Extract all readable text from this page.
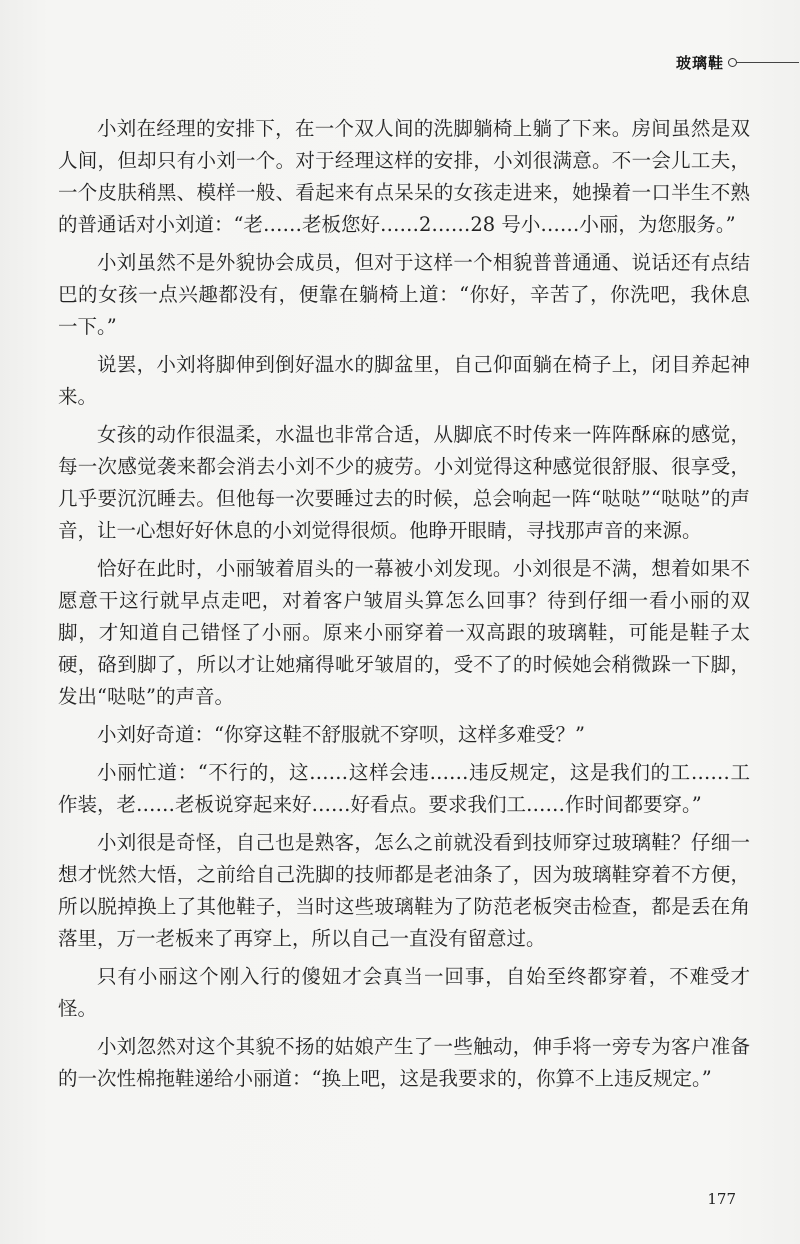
玻璃鞋

小刘在经理的安排下，在一个双人间的洗脚躺椅上躺了下来。房间虽然是双人间，但却只有小刘一个。对于经理这样的安排，小刘很满意。不一会儿工夫，一个皮肤稍黑、模样一般、看起来有点呆呆的女孩走进来，她操着一口半生不熟的普通话对小刘道：“老……老板您好……2……28 号小……小丽，为您服务。”

小刘虽然不是外貌协会成员，但对于这样一个相貌普普通通、说话还有点结巴的女孩一点兴趣都没有，便靠在躺椅上道：“你好，辛苦了，你洗吧，我休息一下。”

说罢，小刘将脚伸到倒好温水的脚盆里，自己仰面躺在椅子上，闭目养起神来。

女孩的动作很温柔，水温也非常合适，从脚底不时传来一阵阵酥麻的感觉，每一次感觉袭来都会消去小刘不少的疲劳。小刘觉得这种感觉很舒服、很享受，几乎要沉沉睡去。但他每一次要睡过去的时候，总会响起一阵“哒哒”“哒哒”的声音，让一心想好好休息的小刘觉得很烦。他睁开眼睛，寻找那声音的来源。

恰好在此时，小丽皱着眉头的一幕被小刘发现。小刘很是不满，想着如果不愿意干这行就早点走吧，对着客户皱眉头算怎么回事？待到仔细一看小丽的双脚，才知道自己错怪了小丽。原来小丽穿着一双高跟的玻璃鞋，可能是鞋子太硬，硌到脚了，所以才让她痛得呲牙皱眉的，受不了的时候她会稍微跺一下脚，发出“哒哒”的声音。

小刘好奇道：“你穿这鞋不舒服就不穿呗，这样多难受？”

小丽忙道：“不行的，这……这样会违……违反规定，这是我们的工……工作装，老……老板说穿起来好……好看点。要求我们工……作时间都要穿。”

小刘很是奇怪，自己也是熟客，怎么之前就没看到技师穿过玻璃鞋？仔细一想才恍然大悟，之前给自己洗脚的技师都是老油条了，因为玻璃鞋穿着不方便，所以脱掉换上了其他鞋子，当时这些玻璃鞋为了防范老板突击检查，都是丢在角落里，万一老板来了再穿上，所以自己一直没有留意过。

只有小丽这个刚入行的傻妞才会真当一回事，自始至终都穿着，不难受才怪。

小刘忽然对这个其貌不扬的姑娘产生了一些触动，伸手将一旁专为客户准备的一次性棉拖鞋递给小丽道：“换上吧，这是我要求的，你算不上违反规定。”

177
